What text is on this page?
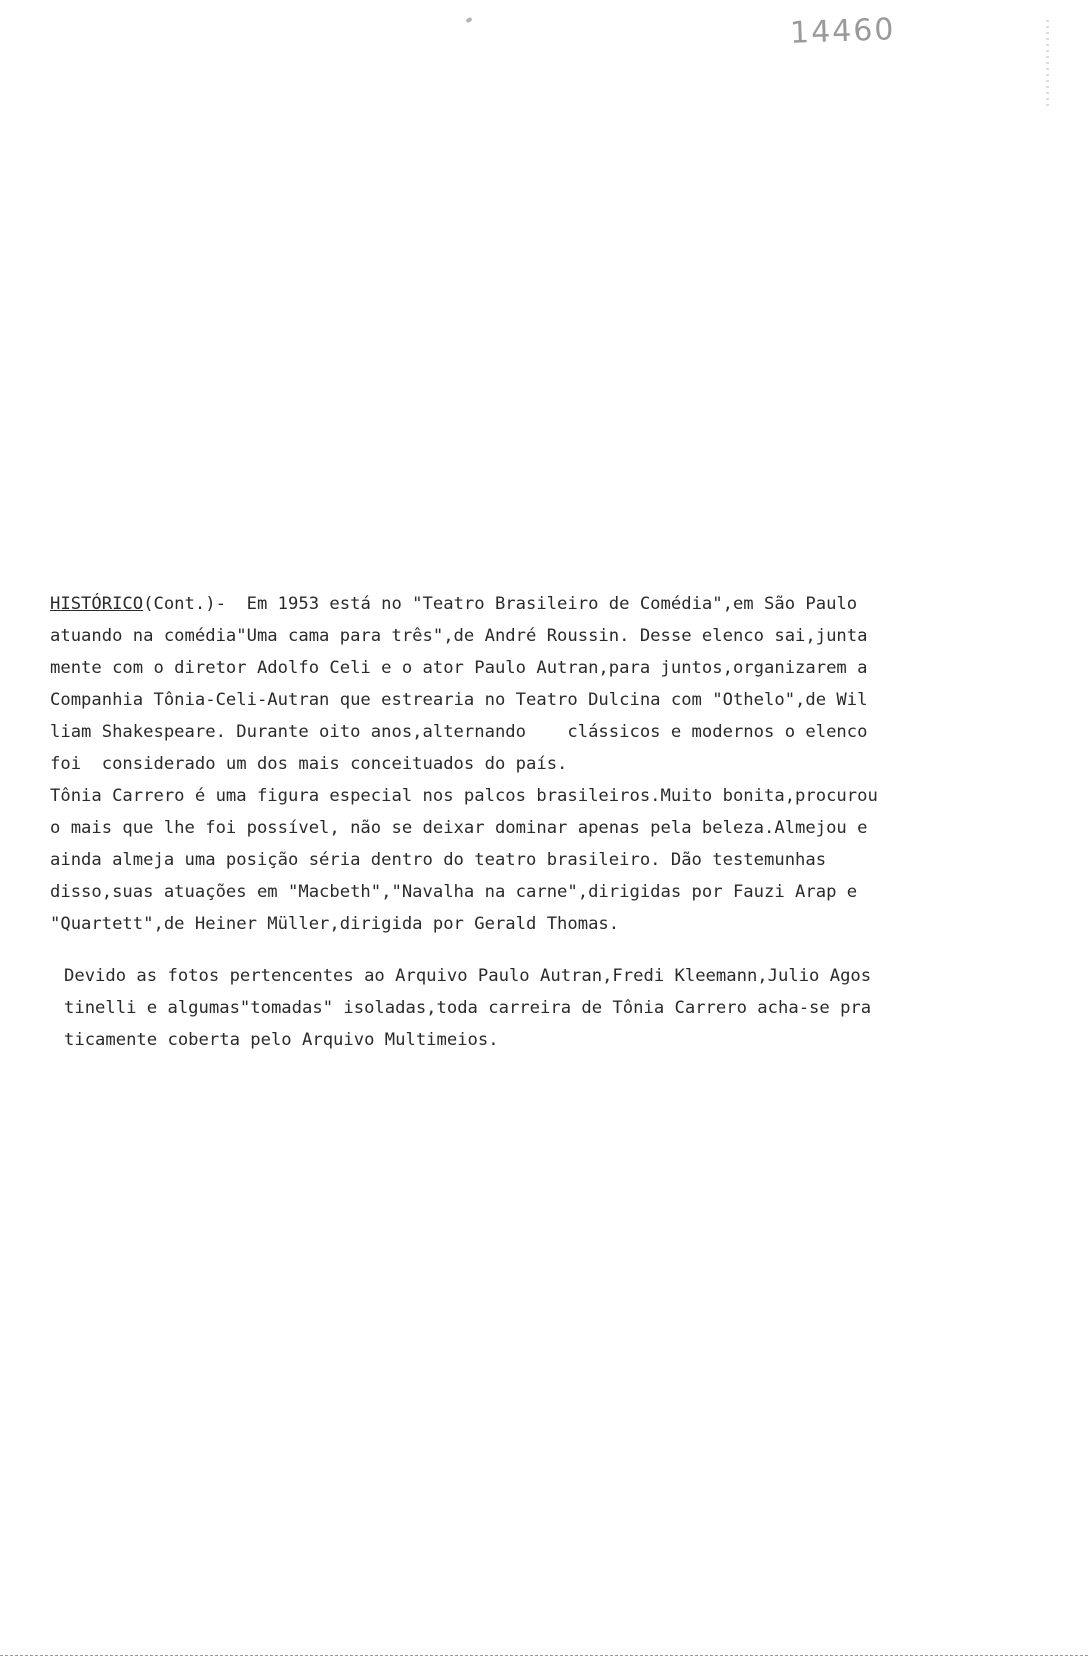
14460
HISTÓRICO(Cont.)-  Em 1953 está no "Teatro Brasileiro de Comédia",em São Paulo
atuando na comédia"Uma cama para três",de André Roussin. Desse elenco sai,junta
mente com o diretor Adolfo Celi e o ator Paulo Autran,para juntos,organizarem a
Companhia Tônia-Celi-Autran que estrearia no Teatro Dulcina com "Othelo",de Wil
liam Shakespeare. Durante oito anos,alternando    clássicos e modernos o elenco
foi  considerado um dos mais conceituados do país.
Tônia Carrero é uma figura especial nos palcos brasileiros.Muito bonita,procurou
o mais que lhe foi possível, não se deixar dominar apenas pela beleza.Almejou e
ainda almeja uma posição séria dentro do teatro brasileiro. Dão testemunhas
disso,suas atuações em "Macbeth","Navalha na carne",dirigidas por Fauzi Arap e
"Quartett",de Heiner Müller,dirigida por Gerald Thomas.
Devido as fotos pertencentes ao Arquivo Paulo Autran,Fredi Kleemann,Julio Agos
tinelli e algumas"tomadas" isoladas,toda carreira de Tônia Carrero acha-se pra
ticamente coberta pelo Arquivo Multimeios.
